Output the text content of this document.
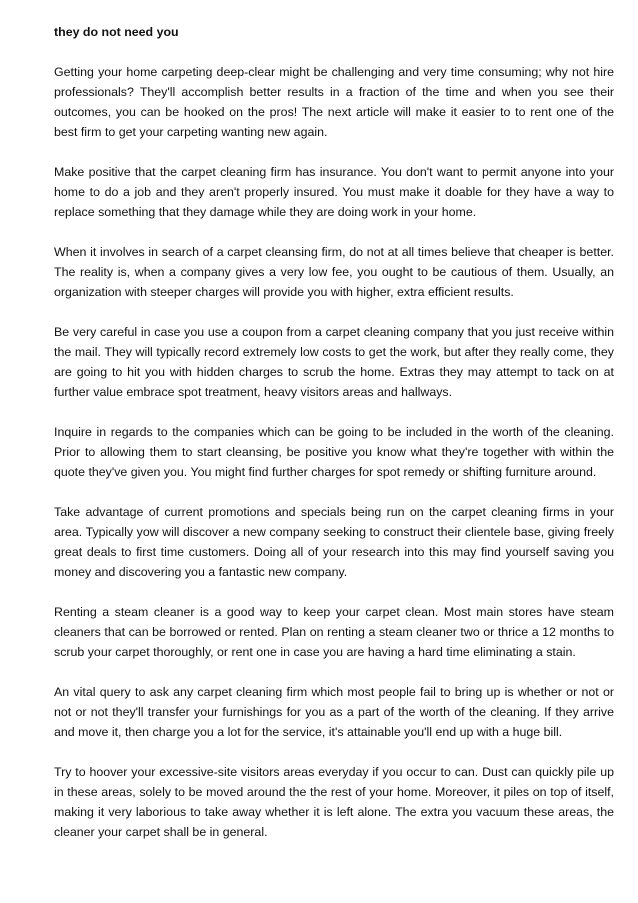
they do not need you

Getting your home carpeting deep-clear might be challenging and very time consuming; why not hire professionals? They'll accomplish better results in a fraction of the time and when you see their outcomes, you can be hooked on the pros! The next article will make it easier to to rent one of the best firm to get your carpeting wanting new again.

Make positive that the carpet cleaning firm has insurance. You don't want to permit anyone into your home to do a job and they aren't properly insured. You must make it doable for they have a way to replace something that they damage while they are doing work in your home.

When it involves in search of a carpet cleansing firm, do not at all times believe that cheaper is better. The reality is, when a company gives a very low fee, you ought to be cautious of them. Usually, an organization with steeper charges will provide you with higher, extra efficient results.

Be very careful in case you use a coupon from a carpet cleaning company that you just receive within the mail. They will typically record extremely low costs to get the work, but after they really come, they are going to hit you with hidden charges to scrub the home. Extras they may attempt to tack on at further value embrace spot treatment, heavy visitors areas and hallways.

Inquire in regards to the companies which can be going to be included in the worth of the cleaning. Prior to allowing them to start cleansing, be positive you know what they're together with within the quote they've given you. You might find further charges for spot remedy or shifting furniture around.

Take advantage of current promotions and specials being run on the carpet cleaning firms in your area. Typically yow will discover a new company seeking to construct their clientele base, giving freely great deals to first time customers. Doing all of your research into this may find yourself saving you money and discovering you a fantastic new company.

Renting a steam cleaner is a good way to keep your carpet clean. Most main stores have steam cleaners that can be borrowed or rented. Plan on renting a steam cleaner two or thrice a 12 months to scrub your carpet thoroughly, or rent one in case you are having a hard time eliminating a stain.

An vital query to ask any carpet cleaning firm which most people fail to bring up is whether or not or not or not they'll transfer your furnishings for you as a part of the worth of the cleaning. If they arrive and move it, then charge you a lot for the service, it's attainable you'll end up with a huge bill.

Try to hoover your excessive-site visitors areas everyday if you occur to can. Dust can quickly pile up in these areas, solely to be moved around the the rest of your home. Moreover, it piles on top of itself, making it very laborious to take away whether it is left alone. The extra you vacuum these areas, the cleaner your carpet shall be in general.
